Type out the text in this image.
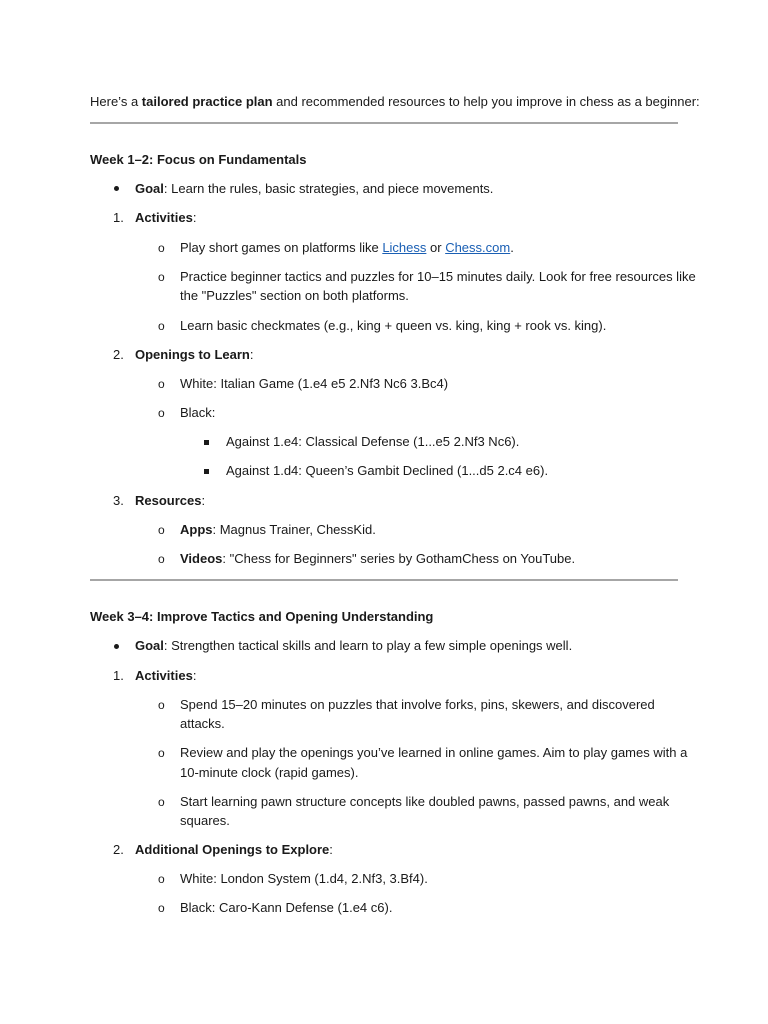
Here’s a tailored practice plan and recommended resources to help you improve in chess as a beginner:
Week 1–2: Focus on Fundamentals
Goal: Learn the rules, basic strategies, and piece movements.
1. Activities:
o Play short games on platforms like Lichess or Chess.com.
o Practice beginner tactics and puzzles for 10–15 minutes daily. Look for free resources like
the "Puzzles" section on both platforms.
o Learn basic checkmates (e.g., king + queen vs. king, king + rook vs. king).
2. Openings to Learn:
o White: Italian Game (1.e4 e5 2.Nf3 Nc6 3.Bc4)
o Black:
Against 1.e4: Classical Defense (1...e5 2.Nf3 Nc6).
Against 1.d4: Queen’s Gambit Declined (1...d5 2.c4 e6).
3. Resources:
o Apps: Magnus Trainer, ChessKid.
o Videos: "Chess for Beginners" series by GothamChess on YouTube.
Week 3–4: Improve Tactics and Opening Understanding
Goal: Strengthen tactical skills and learn to play a few simple openings well.
1. Activities:
o Spend 15–20 minutes on puzzles that involve forks, pins, skewers, and discovered
attacks.
o Review and play the openings you’ve learned in online games. Aim to play games with a
10-minute clock (rapid games).
o Start learning pawn structure concepts like doubled pawns, passed pawns, and weak
squares.
2. Additional Openings to Explore:
o White: London System (1.d4, 2.Nf3, 3.Bf4).
o Black: Caro-Kann Defense (1.e4 c6).
